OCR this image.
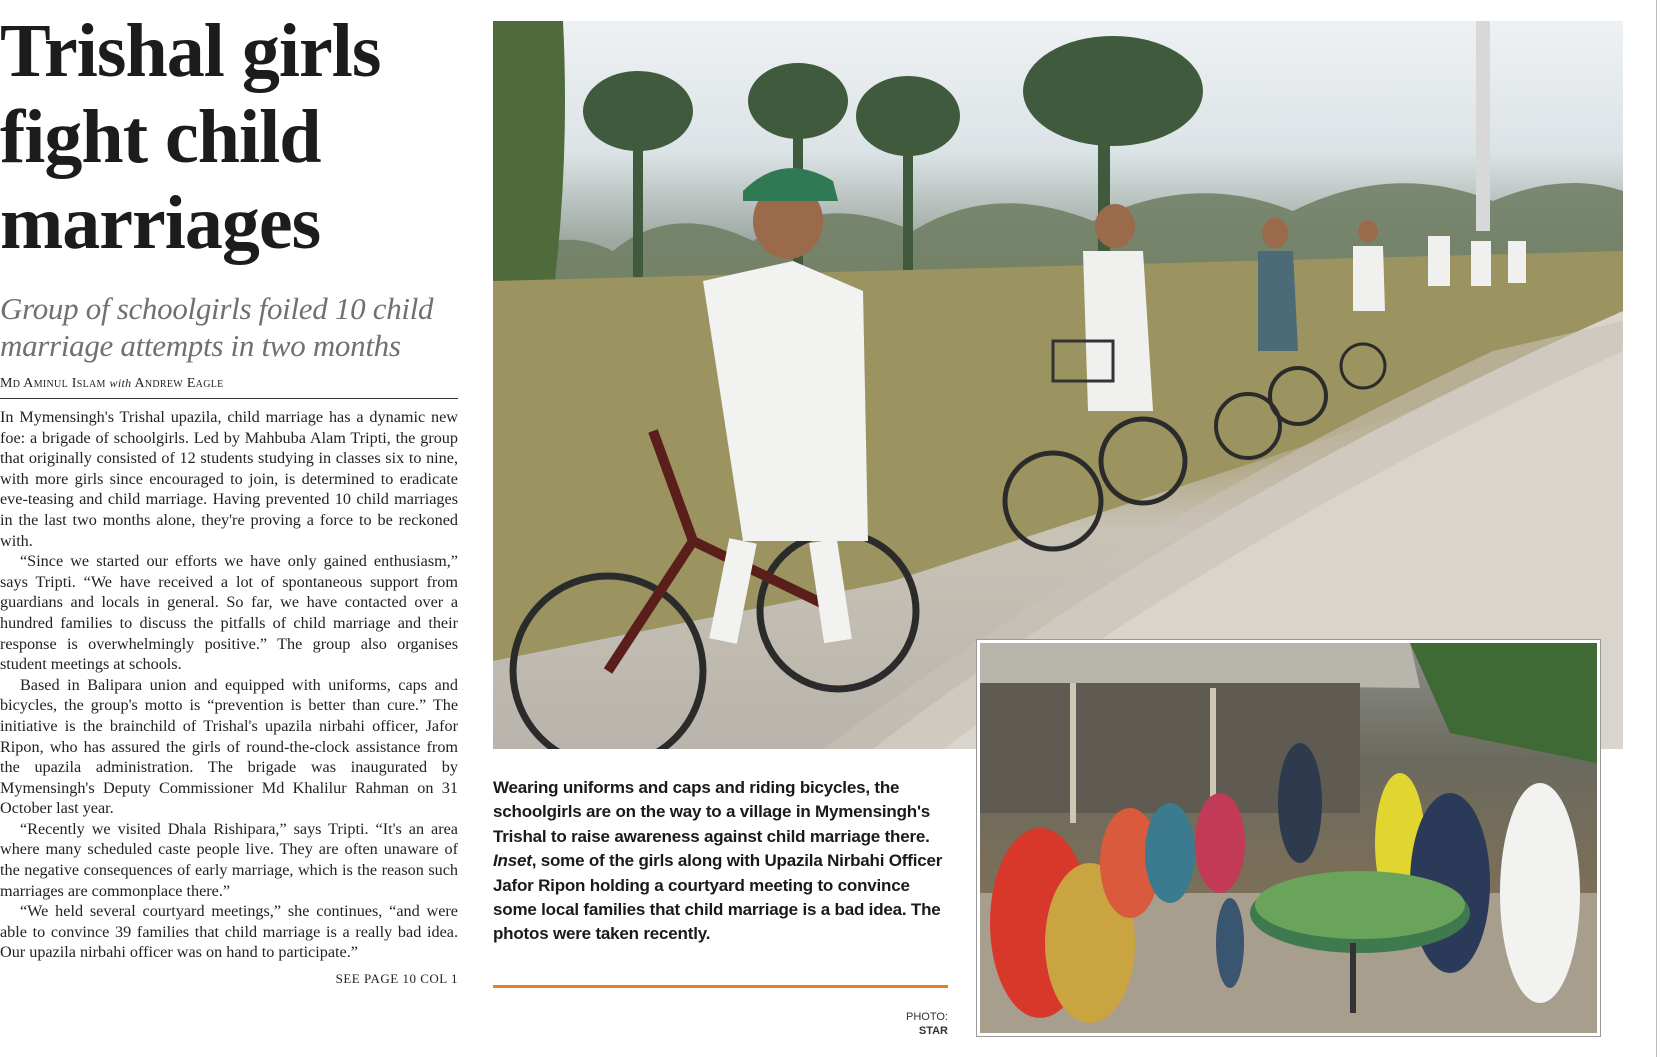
Trishal girls
fight child
marriages
Group of schoolgirls foiled 10 child marriage attempts in two months
Md Aminul Islam with Andrew Eagle

In Mymensingh's Trishal upazila, child marriage has a dynamic new foe: a brigade of schoolgirls. Led by Mahbuba Alam Tripti, the group that originally consisted of 12 students studying in classes six to nine, with more girls since encouraged to join, is determined to eradicate eve-teasing and child marriage. Having prevented 10 child marriages in the last two months alone, they're proving a force to be reckoned with.

“Since we started our efforts we have only gained enthusiasm,” says Tripti. “We have received a lot of spontaneous support from guardians and locals in general. So far, we have contacted over a hundred families to discuss the pitfalls of child marriage and their response is overwhelmingly positive.” The group also organises student meetings at schools.

Based in Balipara union and equipped with uniforms, caps and bicycles, the group's motto is “prevention is better than cure.” The initiative is the brainchild of Trishal's upazila nirbahi officer, Jafor Ripon, who has assured the girls of round-the-clock assistance from the upazila administration. The brigade was inaugurated by Mymensingh's Deputy Commissioner Md Khalilur Rahman on 31 October last year.

“Recently we visited Dhala Rishipara,” says Tripti. “It's an area where many scheduled caste people live. They are often unaware of the negative consequences of early marriage, which is the reason such marriages are commonplace there.”

“We held several courtyard meetings,” she continues, “and were able to convince 39 families that child marriage is a really bad idea. Our upazila nirbahi officer was on hand to participate.”

SEE PAGE 10 COL 1
Wearing uniforms and caps and riding bicycles, the schoolgirls are on the way to a village in Mymensingh's Trishal to raise awareness against child marriage there. Inset, some of the girls along with Upazila Nirbahi Officer Jafor Ripon holding a courtyard meeting to convince some local families that child marriage is a bad idea. The photos were taken recently.
PHOTO:
STAR
